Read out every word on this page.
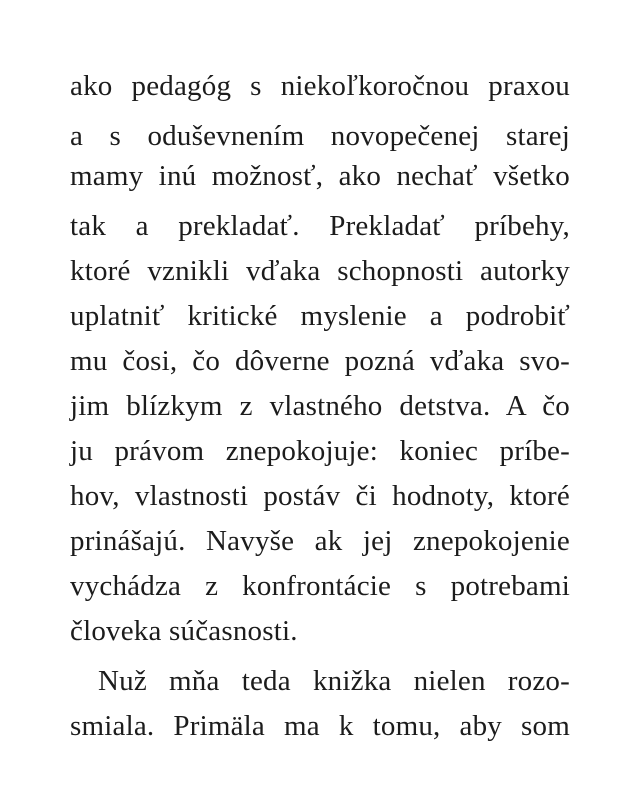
ako pedagóg s niekoľkoročnou praxou
a s oduševnením novopečenej starej
mamy inú možnosť, ako nechať všetko
tak a prekladať. Prekladať príbehy,
ktoré vznikli vďaka schopnosti autorky
uplatniť kritické myslenie a podrobiť
mu čosi, čo dôverne pozná vďaka svo-
jim blízkym z vlastného detstva. A čo
ju právom znepokojuje: koniec príbe-
hov, vlastnosti postáv či hodnoty, ktoré
prinášajú. Navyše ak jej znepokojenie
vychádza z konfrontácie s potrebami
človeka súčasnosti.
Nuž mňa teda knižka nielen rozo-
smiala. Primäla ma k tomu, aby som
